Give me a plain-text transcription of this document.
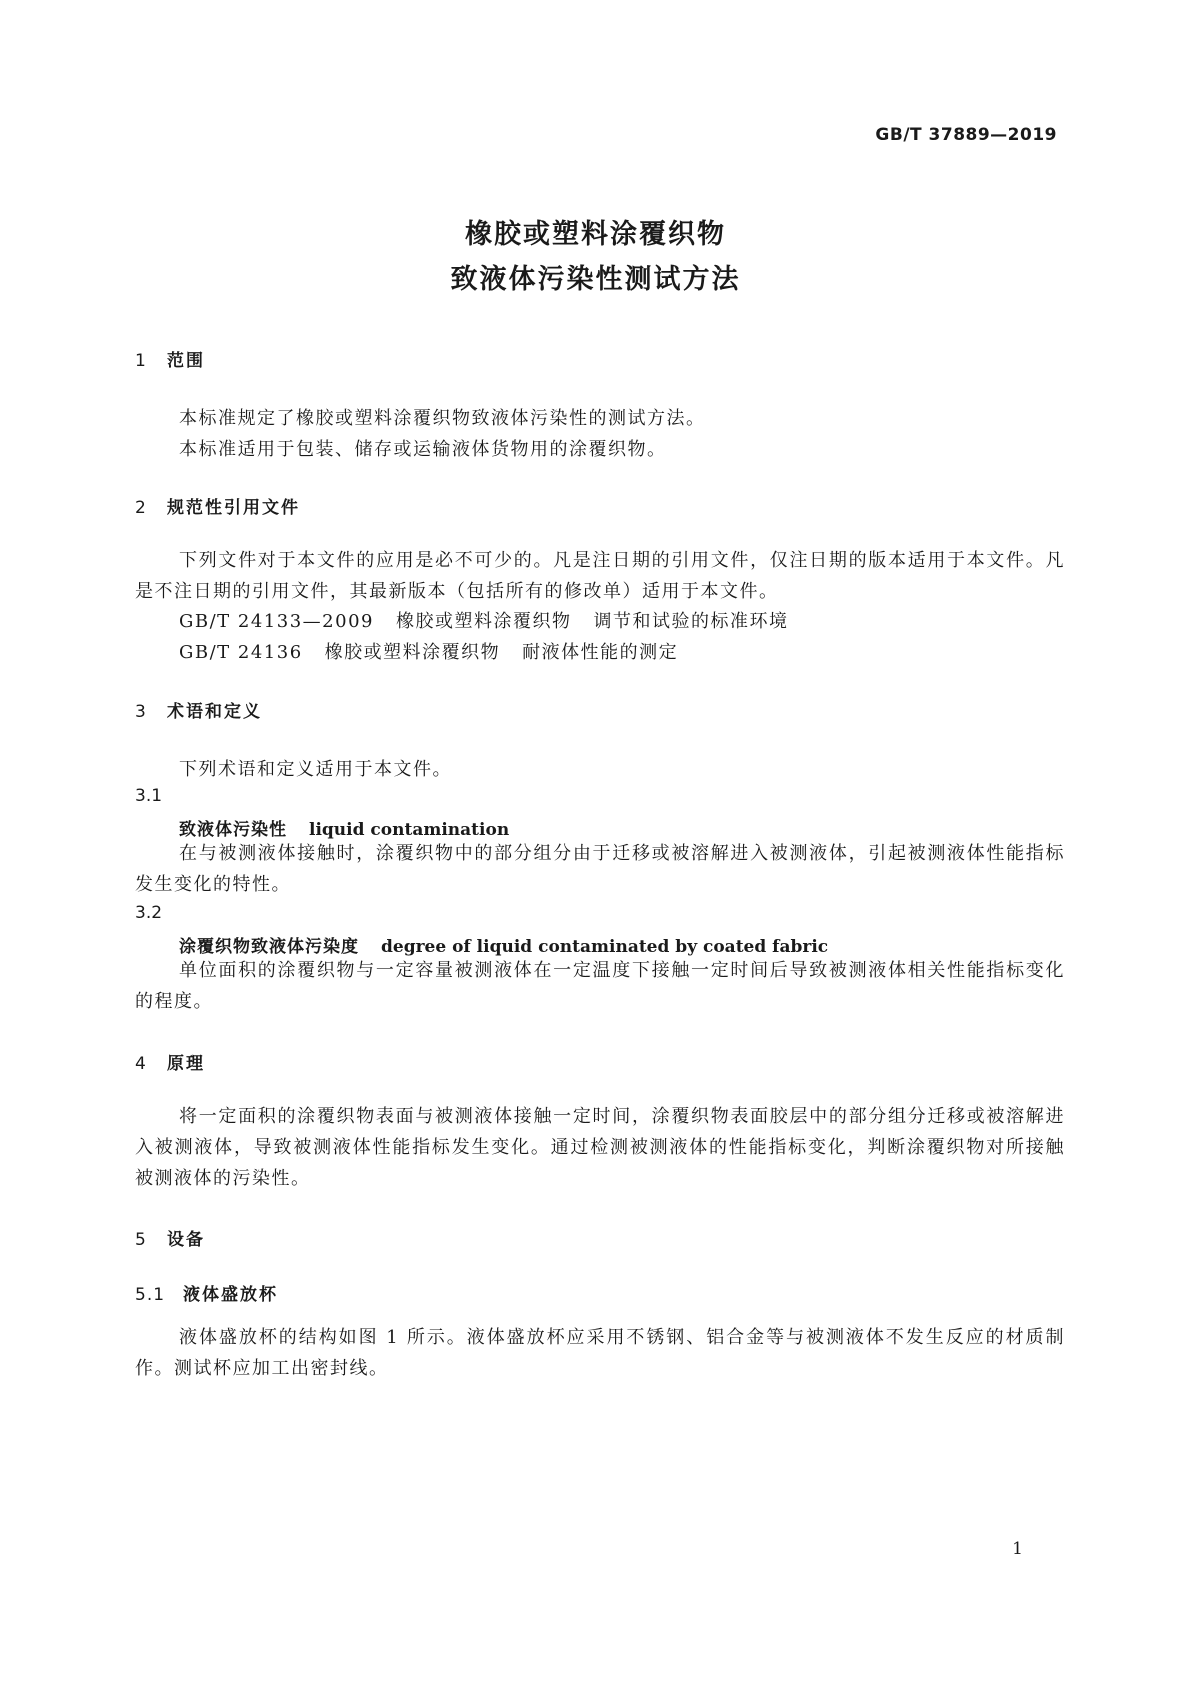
GB/T 37889—2019
橡胶或塑料涂覆织物
致液体污染性测试方法
1 范围
本标准规定了橡胶或塑料涂覆织物致液体污染性的测试方法。
本标准适用于包装、储存或运输液体货物用的涂覆织物。
2 规范性引用文件

下列文件对于本文件的应用是必不可少的。凡是注日期的引用文件，仅注日期的版本适用于本文件。凡是不注日期的引用文件，其最新版本（包括所有的修改单）适用于本文件。

GB/T 24133—2009 橡胶或塑料涂覆织物 调节和试验的标准环境
GB/T 24136 橡胶或塑料涂覆织物 耐液体性能的测定
3 术语和定义
下列术语和定义适用于本文件。
3.1
致液体污染性 liquid contamination

在与被测液体接触时，涂覆织物中的部分组分由于迁移或被溶解进入被测液体，引起被测液体性能指标发生变化的特性。

3.2
涂覆织物致液体污染度 degree of liquid contaminated by coated fabric

单位面积的涂覆织物与一定容量被测液体在一定温度下接触一定时间后导致被测液体相关性能指标变化的程度。

4 原理

将一定面积的涂覆织物表面与被测液体接触一定时间，涂覆织物表面胶层中的部分组分迁移或被溶解进入被测液体，导致被测液体性能指标发生变化。通过检测被测液体的性能指标变化，判断涂覆织物对所接触被测液体的污染性。

5 设备
5.1 液体盛放杯

液体盛放杯的结构如图 1 所示。液体盛放杯应采用不锈钢、铝合金等与被测液体不发生反应的材质制作。测试杯应加工出密封线。

1
